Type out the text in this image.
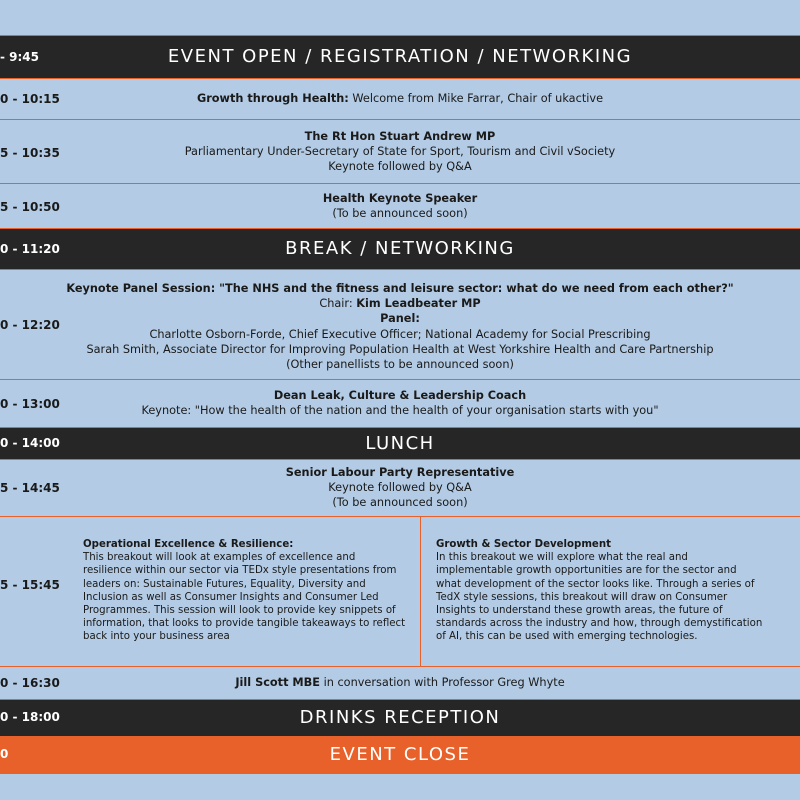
- 9:45	EVENT OPEN / REGISTRATION / NETWORKING
0 - 10:15	Growth through Health: Welcome from Mike Farrar, Chair of ukactive
5 - 10:35
The Rt Hon Stuart Andrew MP
Parliamentary Under-Secretary of State for Sport, Tourism and Civil vSociety
Keynote followed by Q&A
5 - 10:50
Health Keynote Speaker
(To be announced soon)
0 - 11:20	BREAK / NETWORKING
0 - 12:20
Keynote Panel Session: "The NHS and the fitness and leisure sector: what do we need from each other?"
Chair: Kim Leadbeater MP
Panel:
Charlotte Osborn-Forde, Chief Executive Officer; National Academy for Social Prescribing
Sarah Smith, Associate Director for Improving Population Health at West Yorkshire Health and Care Partnership
(Other panellists to be announced soon)
0 - 13:00
Dean Leak, Culture & Leadership Coach
Keynote: "How the health of the nation and the health of your organisation starts with you"
0 - 14:00	LUNCH
5 - 14:45
Senior Labour Party Representative
Keynote followed by Q&A
(To be announced soon)
5 - 15:45
Operational Excellence & Resilience:
This breakout will look at examples of excellence and
resilience within our sector via TEDx style presentations from
leaders on: Sustainable Futures, Equality, Diversity and
Inclusion as well as Consumer Insights and Consumer Led
Programmes. This session will look to provide key snippets of
information, that looks to provide tangible takeaways to reflect
back into your business area
Growth & Sector Development
In this breakout we will explore what the real and
implementable growth opportunities are for the sector and
what development of the sector looks like. Through a series of
TedX style sessions, this breakout will draw on Consumer
Insights to understand these growth areas, the future of
standards across the industry and how, through demystification
of AI, this can be used with emerging technologies.
0 - 16:30	Jill Scott MBE in conversation with Professor Greg Whyte
0 - 18:00	DRINKS RECEPTION
0	EVENT CLOSE
